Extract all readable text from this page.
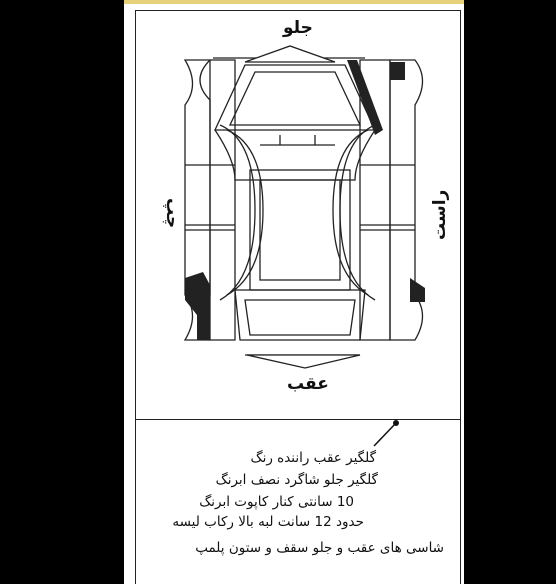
جلو
عقب
چپ	راست
گلگیر عقب راننده رنگ
گلگیر جلو شاگرد نصف ابرنگ
10 سانتی کنار کاپوت ابرنگ
حدود 12 سانت لبه بالا رکاب لیسه
شاسی های عقب و جلو سقف و ستون پلمپ
